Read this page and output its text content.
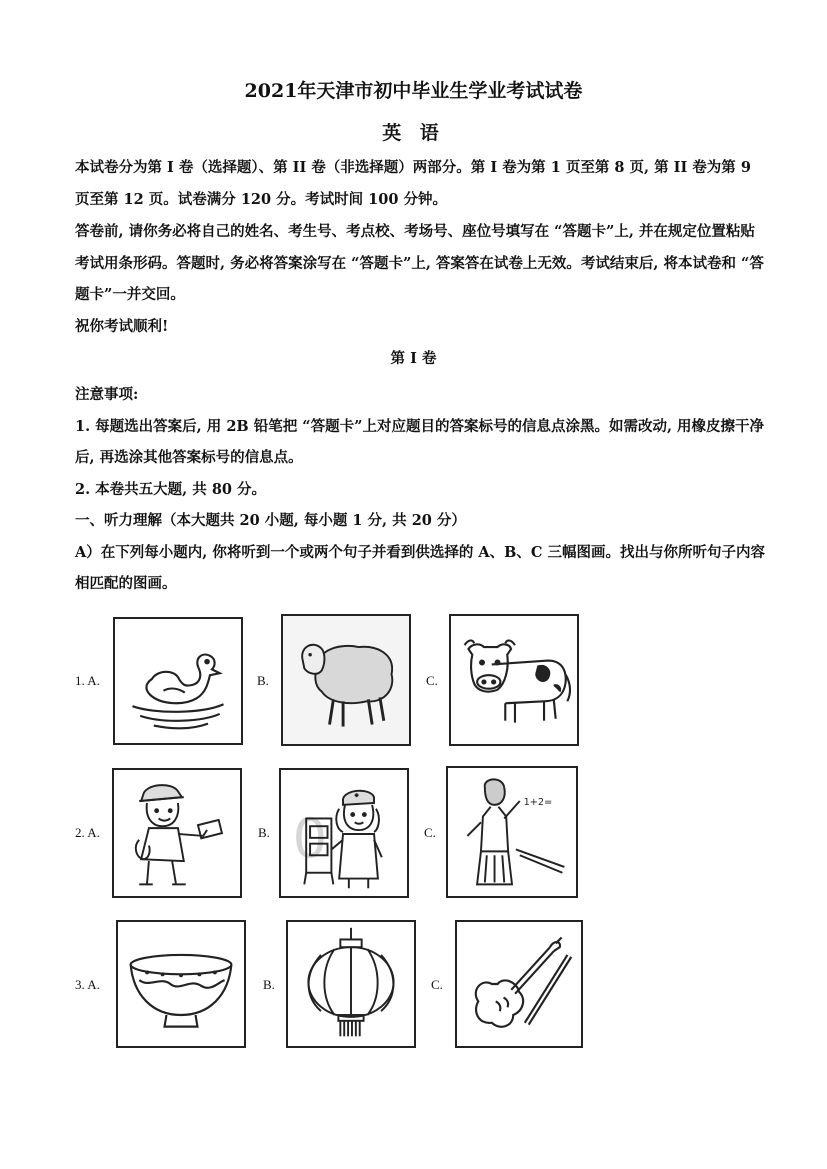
2021年天津市初中毕业生学业考试试卷
英 语
本试卷分为第 I 卷（选择题）、第 II 卷（非选择题）两部分。第 I 卷为第 1 页至第 8 页, 第 II 卷为第 9 页至第 12 页。试卷满分 120 分。考试时间 100 分钟。
答卷前, 请你务必将自己的姓名、考生号、考点校、考场号、座位号填写在 “答题卡”上, 并在规定位置粘贴考试用条形码。答题时, 务必将答案涂写在 “答题卡”上, 答案答在试卷上无效。考试结束后, 将本试卷和 “答题卡”一并交回。
祝你考试顺利!
第 I 卷
注意事项:
1. 每题选出答案后, 用 2B 铅笔把 “答题卡”上对应题目的答案标号的信息点涂黑。如需改动, 用橡皮擦干净后, 再选涂其他答案标号的信息点。
2. 本卷共五大题, 共 80 分。
一、听力理解（本大题共 20 小题, 每小题 1 分, 共 20 分）
A）在下列每小题内, 你将听到一个或两个句子并看到供选择的 A、B、C 三幅图画。找出与你所听句子内容相匹配的图画。
1. A.	B.	C.
2. A.	B. 0	C.
1+2=
3. A.	B.	C.
